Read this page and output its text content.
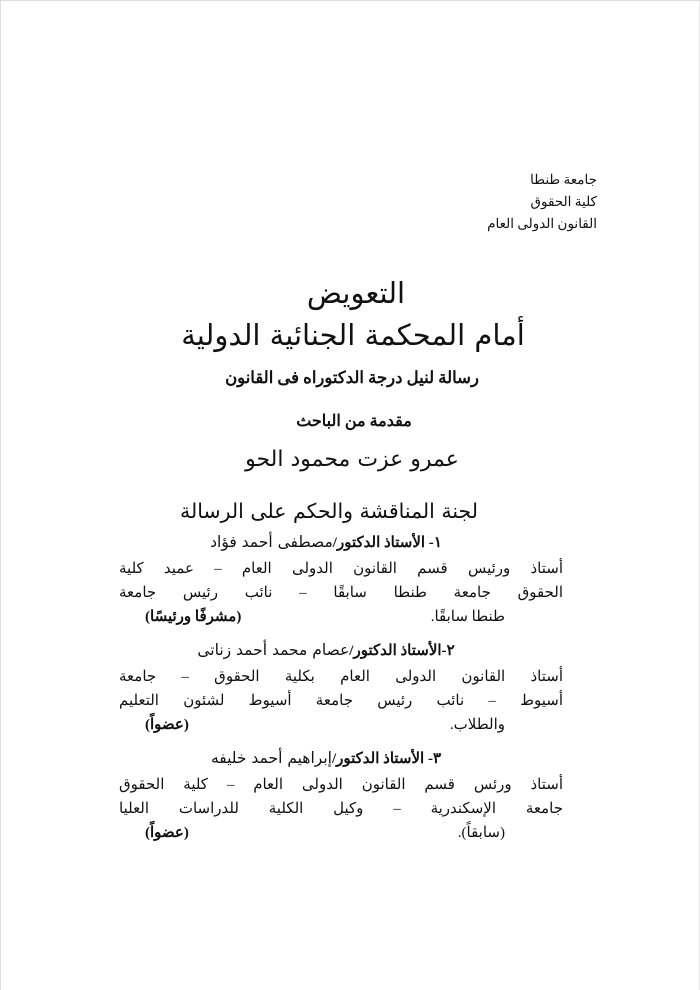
جامعة طنطا
كلية الحقوق
القانون الدولى العام
التعويض
أمام المحكمة الجنائية الدولية

رسالة لنيل درجة الدكتوراه فى القانون

مقدمة من الباحث

عمرو عزت محمود الحو

لجنة المناقشة والحكم على الرسالة
١- الأستاذ الدكتور/مصطفى أحمد فؤاد
أستاذ ورئيس قسم القانون الدولى العام – عميد كلية
الحقوق جامعة طنطا سابقًا – نائب رئيس جامعة
طنطا سابقًا.
(مشرفًا ورئيسًا)
٢-الأستاذ الدكتور/عصام محمد أحمد زناتى
أستاذ القانون الدولى العام بكلية الحقوق – جامعة
أسيوط – نائب رئيس جامعة أسيوط لشئون التعليم
والطلاب.
(عضواً)
٣- الأستاذ الدكتور/إبراهيم أحمد خليفه
أستاذ ورئس قسم القانون الدولى العام – كلية الحقوق
جامعة الإسكندرية – وكيل الكلية للدراسات العليا
(سابقاً).
(عضواً)
